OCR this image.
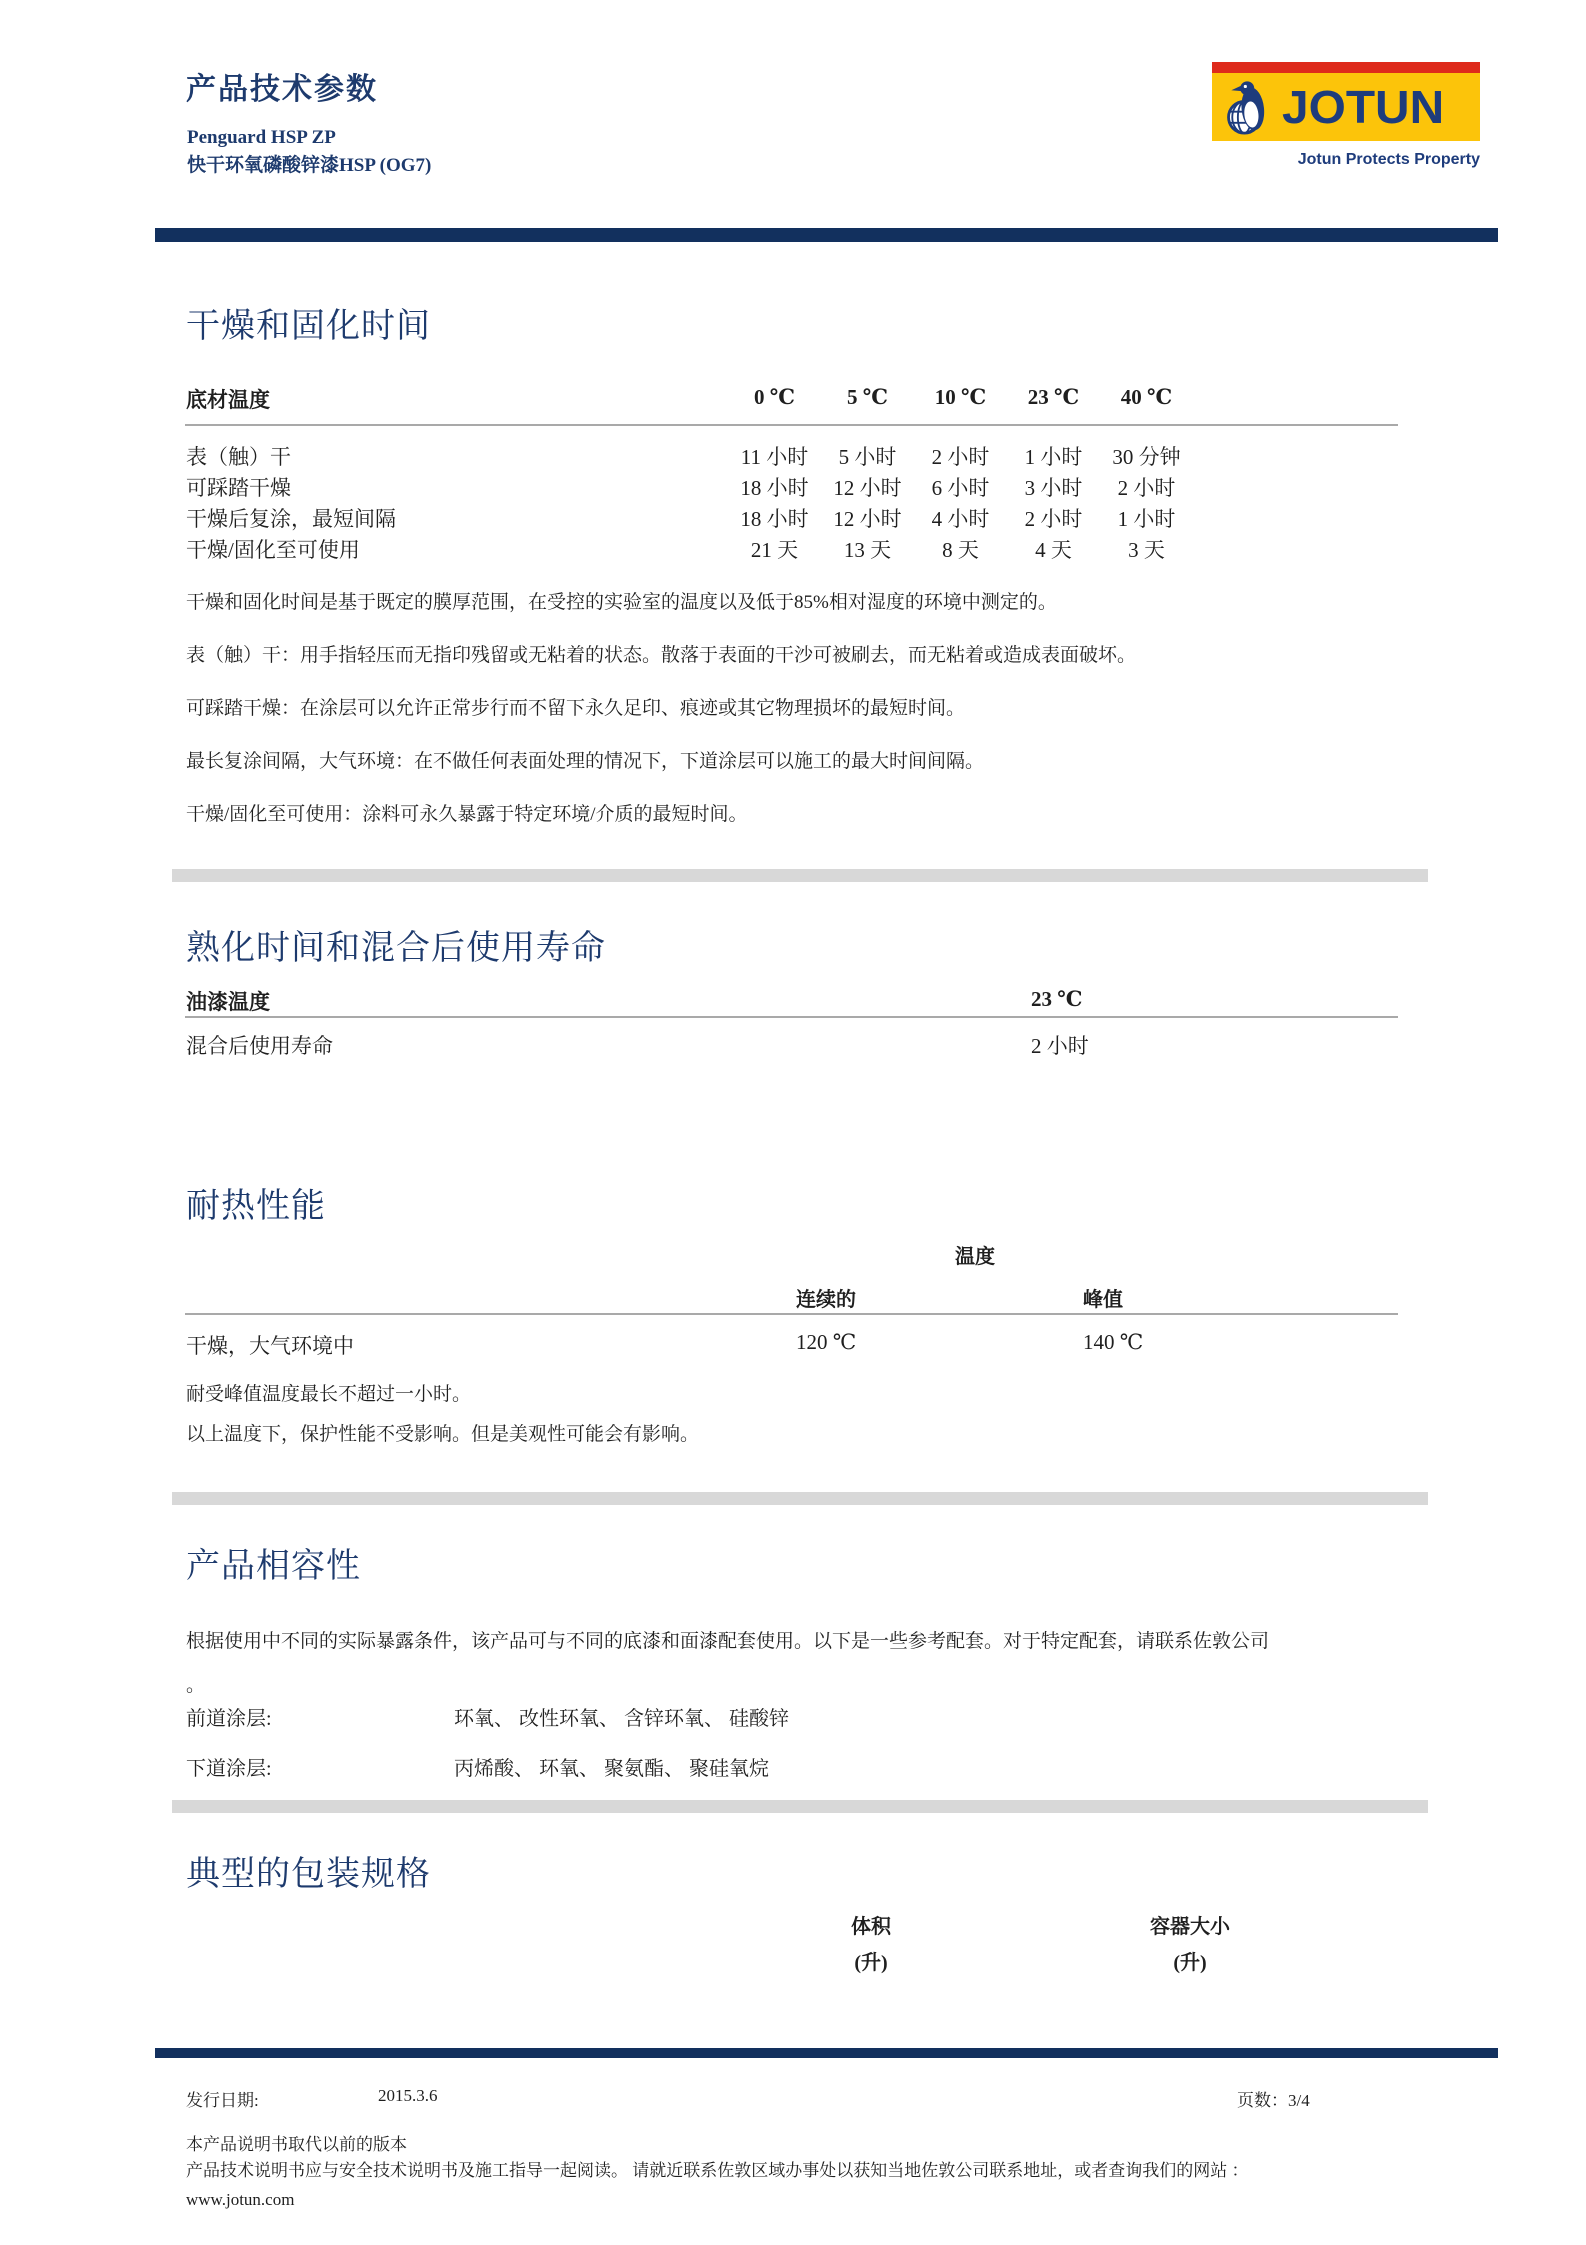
产品技术参数
Penguard HSP ZP
快干环氧磷酸锌漆HSP (OG7)
JOTUN
Jotun Protects Property
干燥和固化时间
底材温度	0 ℃	5 ℃	10 ℃	23 ℃	40 ℃
表（触）干	11 小时	5 小时	2 小时	1 小时	30 分钟
可踩踏干燥	18 小时	12 小时	6 小时	3 小时	2 小时
干燥后复涂，最短间隔	18 小时	12 小时	4 小时	2 小时	1 小时
干燥/固化至可使用	21 天	13 天	8 天	4 天	3 天

干燥和固化时间是基于既定的膜厚范围，在受控的实验室的温度以及低于85%相对湿度的环境中测定的。

表（触）干：用手指轻压而无指印残留或无粘着的状态。散落于表面的干沙可被刷去，而无粘着或造成表面破坏。

可踩踏干燥：在涂层可以允许正常步行而不留下永久足印、痕迹或其它物理损坏的最短时间。

最长复涂间隔，大气环境：在不做任何表面处理的情况下，下道涂层可以施工的最大时间间隔。

干燥/固化至可使用：涂料可永久暴露于特定环境/介质的最短时间。

熟化时间和混合后使用寿命
油漆温度	23 ℃
混合后使用寿命	2 小时
耐热性能
温度
连续的	峰值
干燥，大气环境中	120 ℃	140 ℃

耐受峰值温度最长不超过一小时。

以上温度下，保护性能不受影响。但是美观性可能会有影响。

产品相容性
根据使用中不同的实际暴露条件，该产品可与不同的底漆和面漆配套使用。以下是一些参考配套。对于特定配套，请联系佐敦公司
。
前道涂层:	环氧、 改性环氧、 含锌环氧、 硅酸锌
下道涂层:	丙烯酸、 环氧、 聚氨酯、 聚硅氧烷
典型的包装规格
体积	容器大小
(升)	(升)
发行日期:	2015.3.6	页数：3/4
本产品说明书取代以前的版本
产品技术说明书应与安全技术说明书及施工指导一起阅读。 请就近联系佐敦区域办事处以获知当地佐敦公司联系地址，或者查询我们的网站 ：
www.jotun.com
